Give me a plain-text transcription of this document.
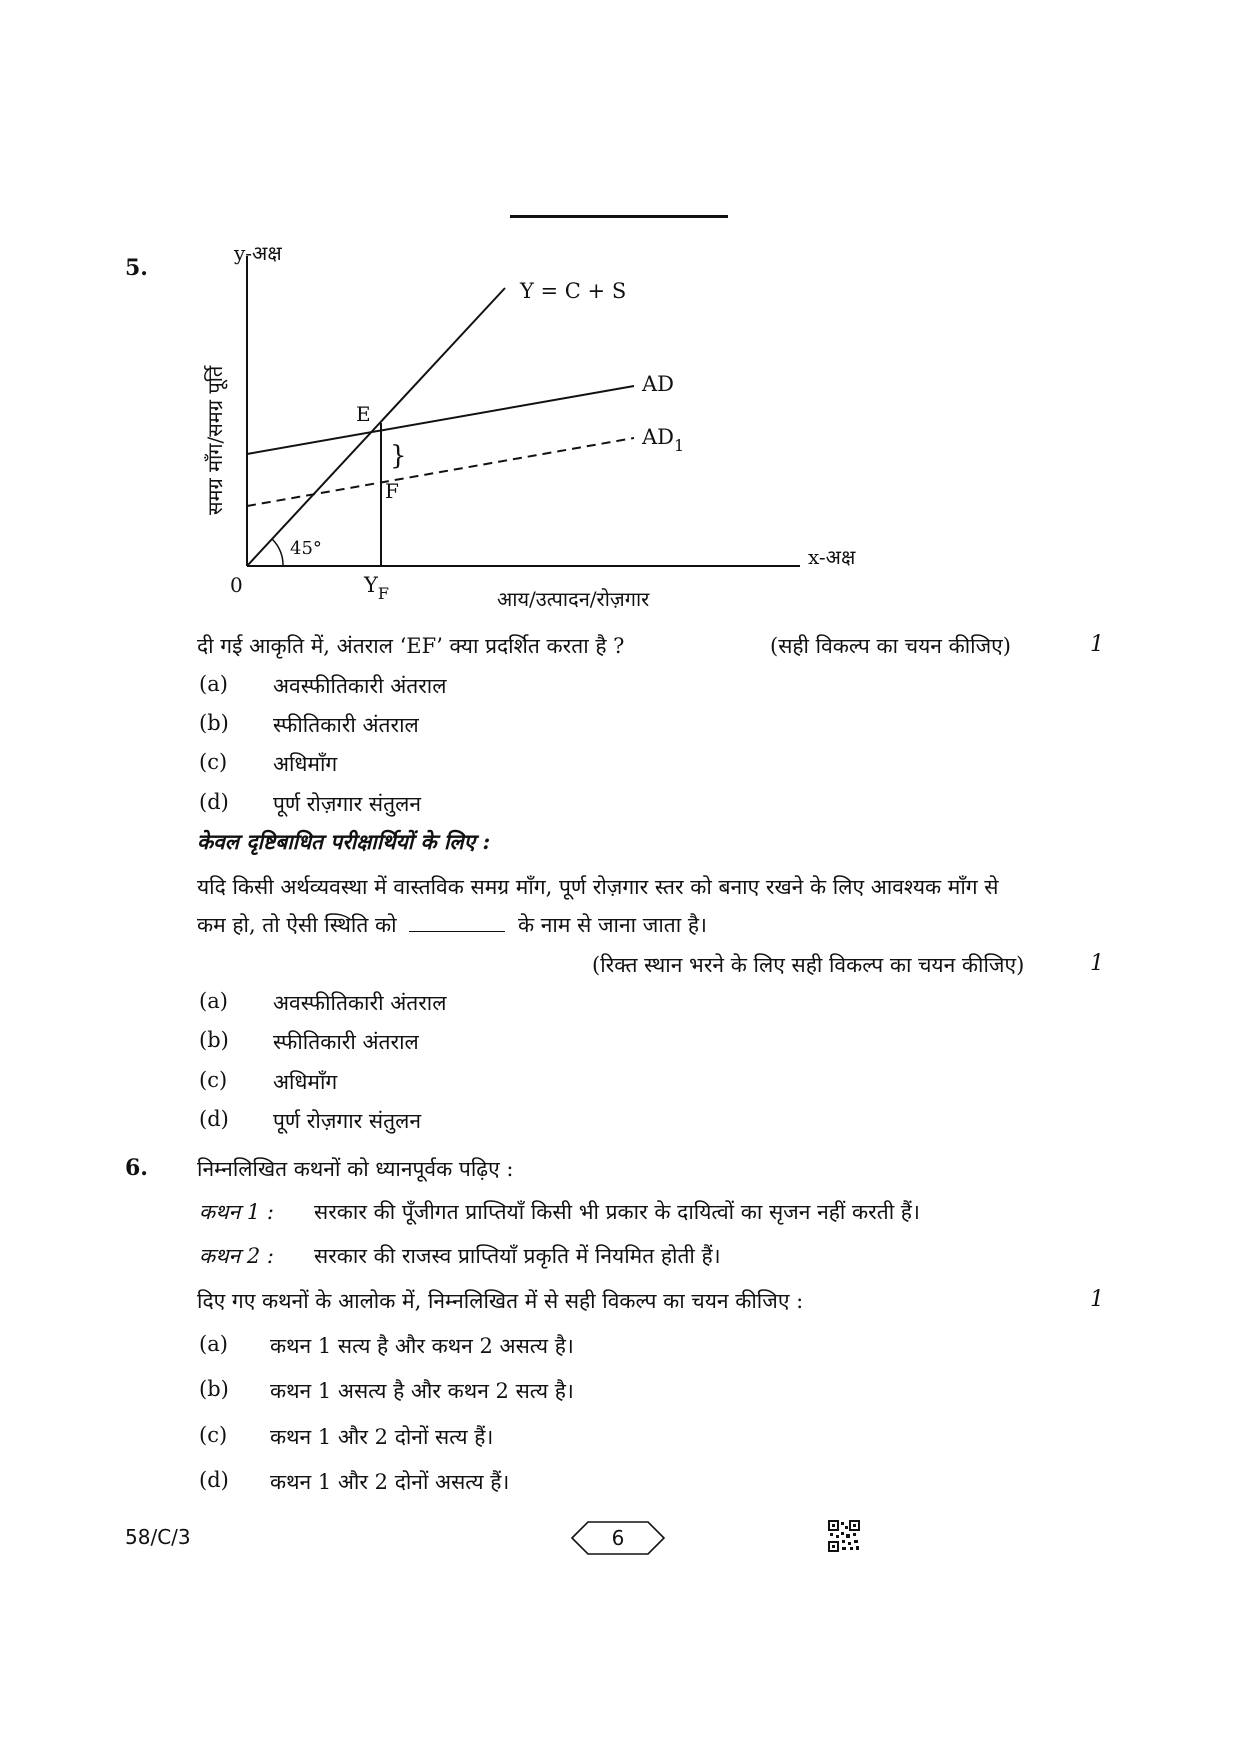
5.
y-अक्ष
x-अक्ष
समग्र माँग/समग्र पूर्ति
आय/उत्पादन/रोज़गार
0
Y = C + S
AD
$AD_1$
E
F
$Y_F$
45°
}
दी गई आकृति में, अंतराल ‘EF’ क्या प्रदर्शित करता है ?	(सही विकल्प का चयन कीजिए)	1
(a) अवस्फीतिकारी अंतराल
(b) स्फीतिकारी अंतराल
(c) अधिमाँग
(d) पूर्ण रोज़गार संतुलन
केवल दृष्टिबाधित परीक्षार्थियों के लिए :
यदि किसी अर्थव्यवस्था में वास्तविक समग्र माँग, पूर्ण रोज़गार स्तर को बनाए रखने के लिए आवश्यक माँग से
कम हो, तो ऐसी स्थिति को	के नाम से जाना जाता है।
(रिक्त स्थान भरने के लिए सही विकल्प का चयन कीजिए)	1
(a) अवस्फीतिकारी अंतराल
(b) स्फीतिकारी अंतराल
(c) अधिमाँग
(d) पूर्ण रोज़गार संतुलन
6. निम्नलिखित कथनों को ध्यानपूर्वक पढ़िए :
कथन 1 : सरकार की पूँजीगत प्राप्तियाँ किसी भी प्रकार के दायित्वों का सृजन नहीं करती हैं।
कथन 2 : सरकार की राजस्व प्राप्तियाँ प्रकृति में नियमित होती हैं।
दिए गए कथनों के आलोक में, निम्नलिखित में से सही विकल्प का चयन कीजिए :	1
(a) कथन 1 सत्य है और कथन 2 असत्य है।
(b) कथन 1 असत्य है और कथन 2 सत्य है।
(c) कथन 1 और 2 दोनों सत्य हैं।
(d) कथन 1 और 2 दोनों असत्य हैं।
58/C/3	6
